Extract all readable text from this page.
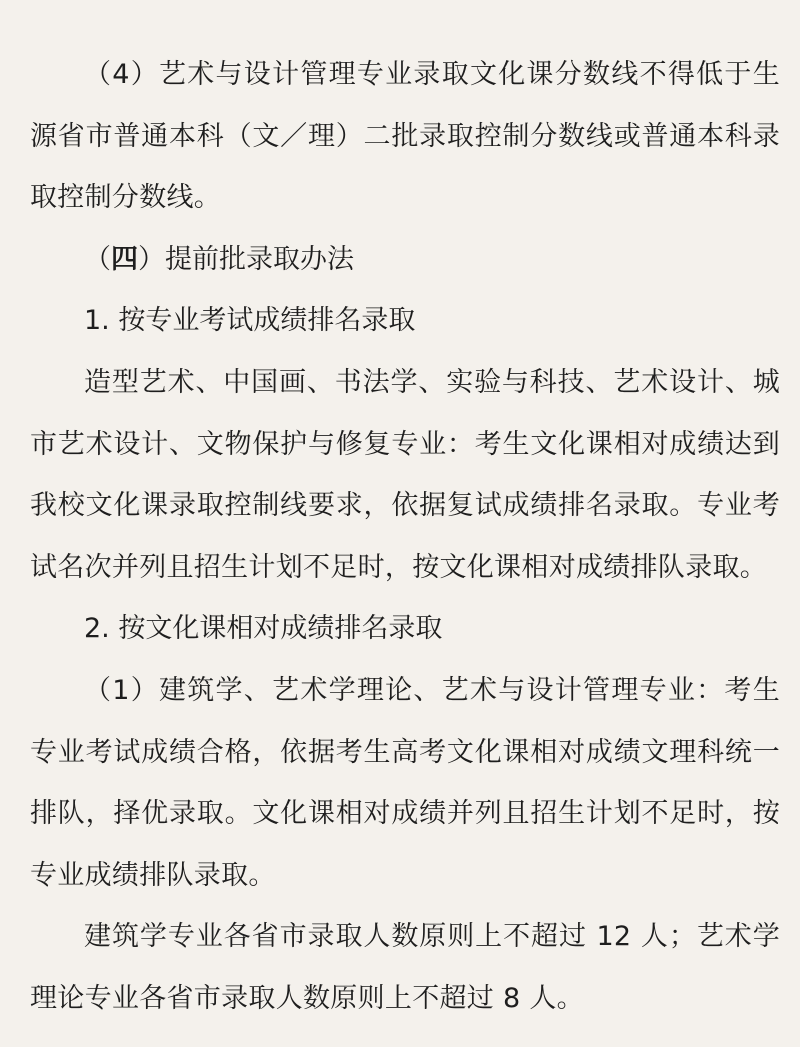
（4）艺术与设计管理专业录取文化课分数线不得低于生源省市普通本科（文／理）二批录取控制分数线或普通本科录取控制分数线。

（四）提前批录取办法

1. 按专业考试成绩排名录取

造型艺术、中国画、书法学、实验与科技、艺术设计、城市艺术设计、文物保护与修复专业：考生文化课相对成绩达到我校文化课录取控制线要求，依据复试成绩排名录取。专业考试名次并列且招生计划不足时，按文化课相对成绩排队录取。

2. 按文化课相对成绩排名录取

（1）建筑学、艺术学理论、艺术与设计管理专业：考生专业考试成绩合格，依据考生高考文化课相对成绩文理科统一排队，择优录取。文化课相对成绩并列且招生计划不足时，按专业成绩排队录取。

建筑学专业各省市录取人数原则上不超过 12 人；艺术学理论专业各省市录取人数原则上不超过 8 人。
